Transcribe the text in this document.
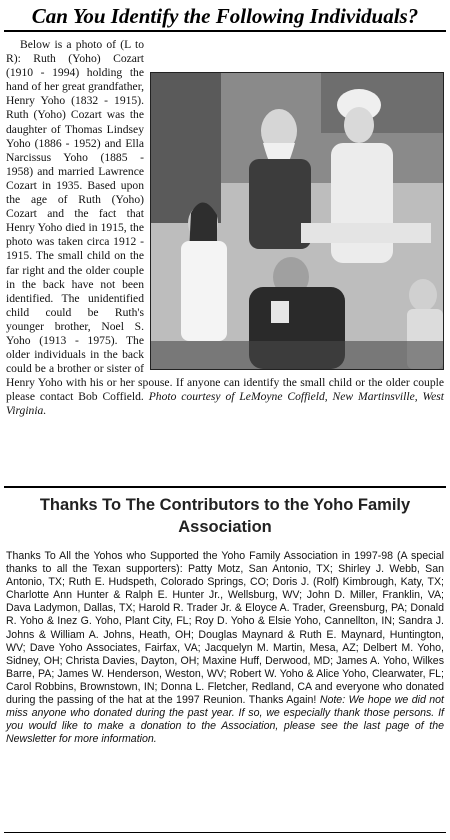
Can You Identify the Following Individuals?

Below is a photo of (L to R): Ruth (Yoho) Cozart (1910 - 1994) holding the hand of her great grandfather, Henry Yoho (1832 - 1915). Ruth (Yoho) Cozart was the daughter of Thomas Lindsey Yoho (1886 - 1952) and Ella Narcissus Yoho (1885 - 1958) and married Lawrence Cozart in 1935. Based upon the age of Ruth (Yoho) Cozart and the fact that Henry Yoho died in 1915, the photo was taken circa 1912 - 1915. The small child on the far right and the older couple in the back have not been identified. The unidentified child could be Ruth's younger brother, Noel S. Yoho (1913 - 1975). The older individuals in the back could be a brother or sister of Henry Yoho with his or her spouse. If anyone can identify the small child or the older couple please contact Bob Coffield. Photo courtesy of LeMoyne Coffield, New Martinsville, West Virginia.

Thanks To The Contributors to the Yoho Family Association

Thanks To All the Yohos who Supported the Yoho Family Association in 1997-98 (A special thanks to all the Texan supporters): Patty Motz, San Antonio, TX; Shirley J. Webb, San Antonio, TX; Ruth E. Hudspeth, Colorado Springs, CO; Doris J. (Rolf) Kimbrough, Katy, TX; Charlotte Ann Hunter & Ralph E. Hunter Jr., Wellsburg, WV; John D. Miller, Franklin, VA; Dava Ladymon, Dallas, TX; Harold R. Trader Jr. & Eloyce A. Trader, Greensburg, PA; Donald R. Yoho & Inez G. Yoho, Plant City, FL; Roy D. Yoho & Elsie Yoho, Cannellton, IN; Sandra J. Johns & William A. Johns, Heath, OH; Douglas Maynard & Ruth E. Maynard, Huntington, WV; Dave Yoho Associates, Fairfax, VA; Jacquelyn M. Martin, Mesa, AZ; Delbert M. Yoho, Sidney, OH; Christa Davies, Dayton, OH; Maxine Huff, Derwood, MD; James A. Yoho, Wilkes Barre, PA; James W. Henderson, Weston, WV; Robert W. Yoho & Alice Yoho, Clearwater, FL; Carol Robbins, Brownstown, IN; Donna L. Fletcher, Redland, CA and everyone who donated during the passing of the hat at the 1997 Reunion. Thanks Again! Note: We hope we did not miss anyone who donated during the past year. If so, we especially thank those persons. If you would like to make a donation to the Association, please see the last page of the Newsletter for more information.
